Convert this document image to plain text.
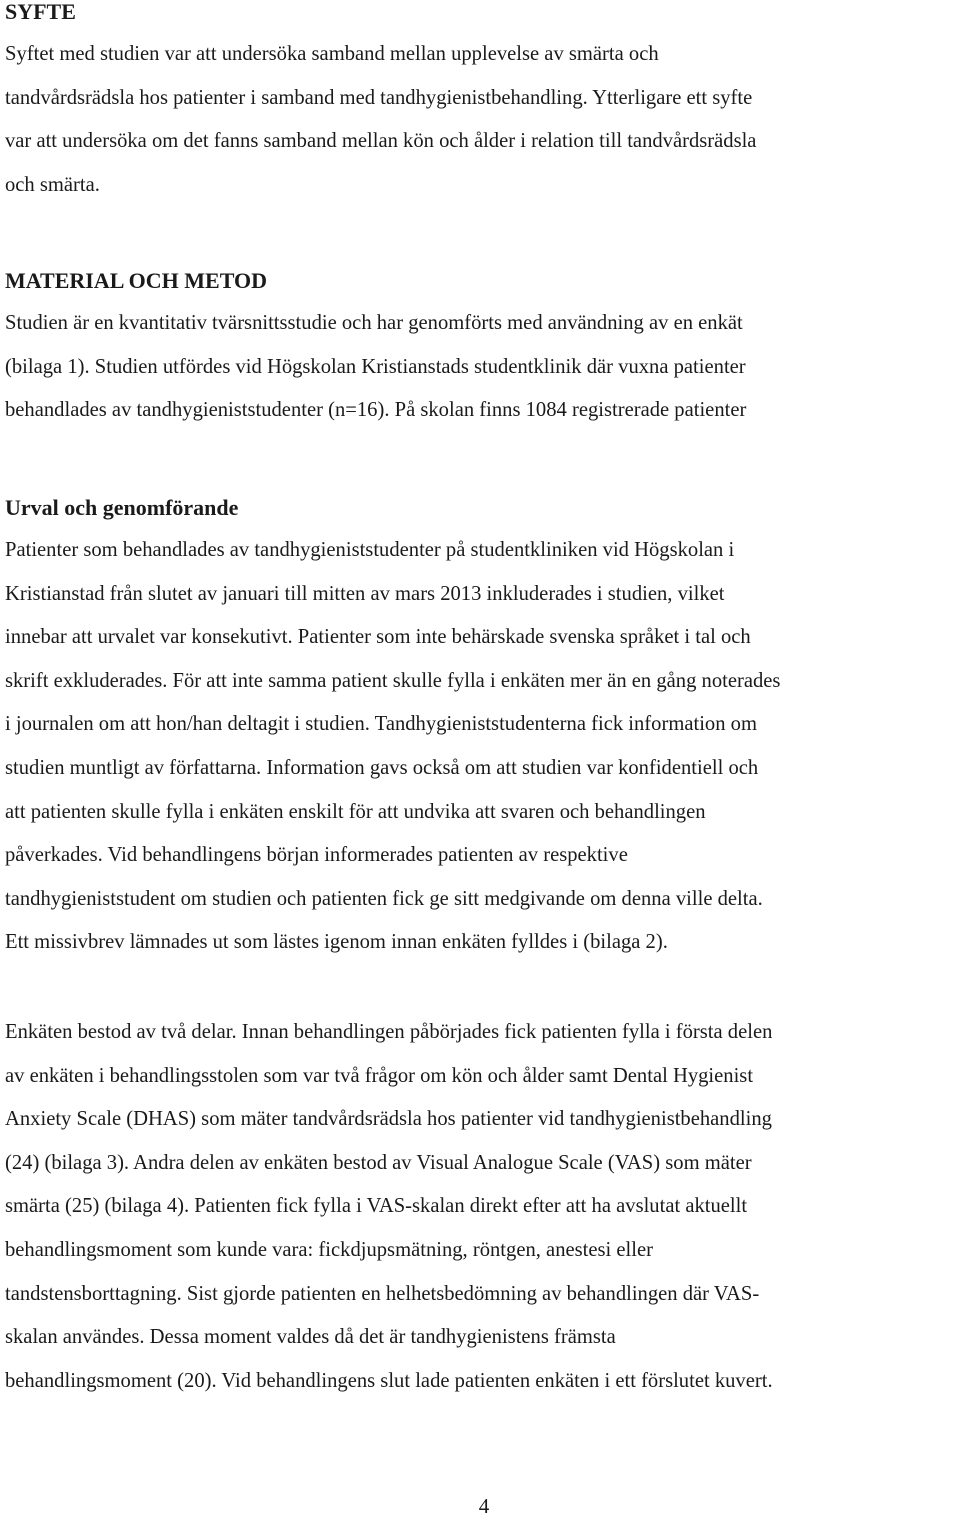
SYFTE
Syftet med studien var att undersöka samband mellan upplevelse av smärta och
tandvårdsrädsla hos patienter i samband med tandhygienistbehandling. Ytterligare ett syfte
var att undersöka om det fanns samband mellan kön och ålder i relation till tandvårdsrädsla
och smärta.
MATERIAL OCH METOD
Studien är en kvantitativ tvärsnittsstudie och har genomförts med användning av en enkät
(bilaga 1). Studien utfördes vid Högskolan Kristianstads studentklinik där vuxna patienter
behandlades av tandhygieniststudenter (n=16). På skolan finns 1084 registrerade patienter
Urval och genomförande
Patienter som behandlades av tandhygieniststudenter på studentkliniken vid Högskolan i
Kristianstad från slutet av januari till mitten av mars 2013 inkluderades i studien, vilket
innebar att urvalet var konsekutivt. Patienter som inte behärskade svenska språket i tal och
skrift exkluderades. För att inte samma patient skulle fylla i enkäten mer än en gång noterades
i journalen om att hon/han deltagit i studien. Tandhygieniststudenterna fick information om
studien muntligt av författarna. Information gavs också om att studien var konfidentiell och
att patienten skulle fylla i enkäten enskilt för att undvika att svaren och behandlingen
påverkades. Vid behandlingens början informerades patienten av respektive
tandhygieniststudent om studien och patienten fick ge sitt medgivande om denna ville delta.
Ett missivbrev lämnades ut som lästes igenom innan enkäten fylldes i (bilaga 2).
Enkäten bestod av två delar. Innan behandlingen påbörjades fick patienten fylla i första delen
av enkäten i behandlingsstolen som var två frågor om kön och ålder samt Dental Hygienist
Anxiety Scale (DHAS) som mäter tandvårdsrädsla hos patienter vid tandhygienistbehandling
(24) (bilaga 3). Andra delen av enkäten bestod av Visual Analogue Scale (VAS) som mäter
smärta (25) (bilaga 4). Patienten fick fylla i VAS-skalan direkt efter att ha avslutat aktuellt
behandlingsmoment som kunde vara: fickdjupsmätning, röntgen, anestesi eller
tandstensborttagning. Sist gjorde patienten en helhetsbedömning av behandlingen där VAS-
skalan användes. Dessa moment valdes då det är tandhygienistens främsta
behandlingsmoment (20). Vid behandlingens slut lade patienten enkäten i ett förslutet kuvert.
4
